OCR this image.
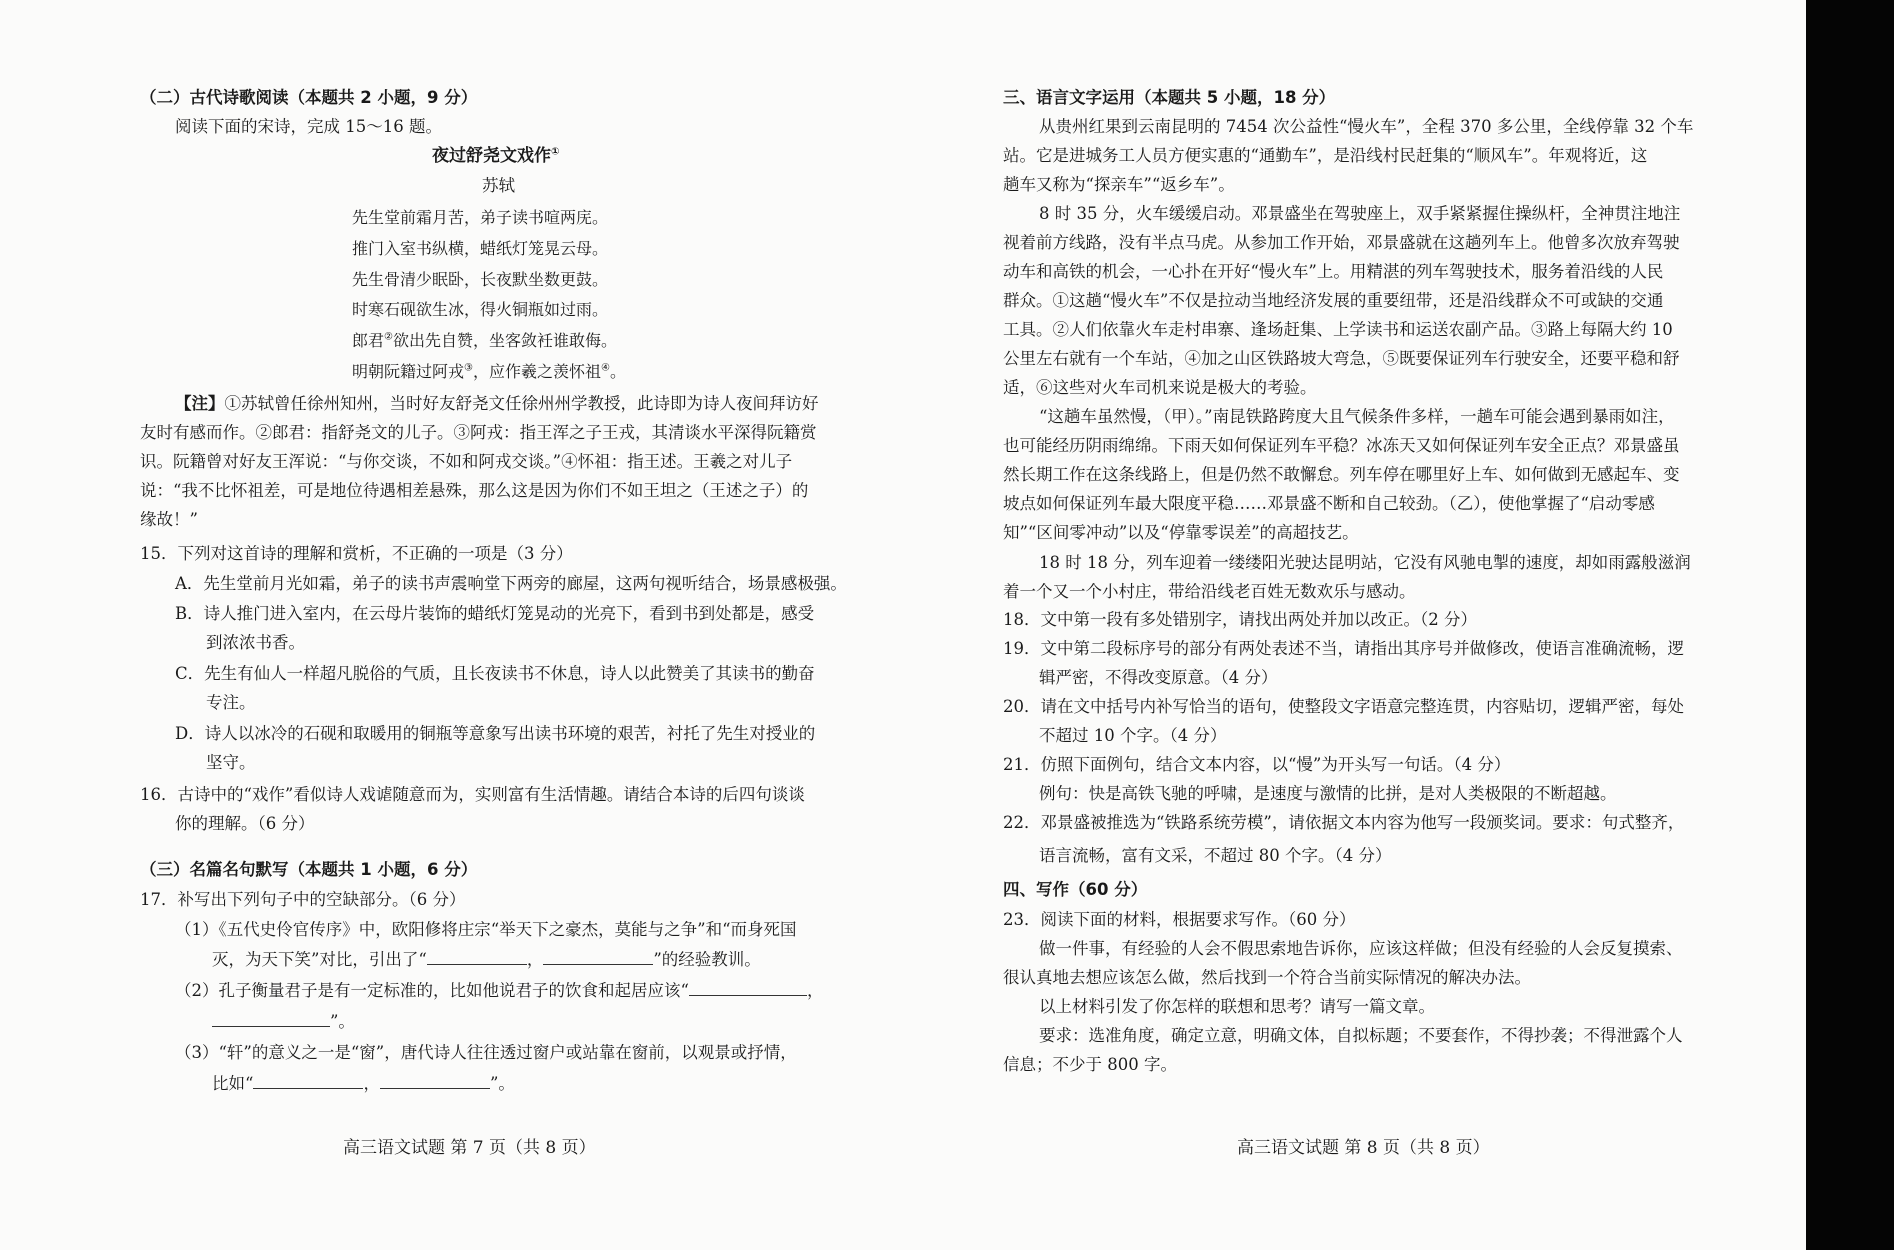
（二）古代诗歌阅读（本题共 2 小题，9 分）
阅读下面的宋诗，完成 15～16 题。
夜过舒尧文戏作①
苏轼
先生堂前霜月苦，弟子读书喧两庑。
推门入室书纵横，蜡纸灯笼晃云母。
先生骨清少眠卧，长夜默坐数更鼓。
时寒石砚欲生冰，得火铜瓶如过雨。
郎君②欲出先自赞，坐客敛衽谁敢侮。
明朝阮籍过阿戎③，应作羲之羡怀祖④。
【注】①苏轼曾任徐州知州，当时好友舒尧文任徐州州学教授，此诗即为诗人夜间拜访好
友时有感而作。②郎君：指舒尧文的儿子。③阿戎：指王浑之子王戎，其清谈水平深得阮籍赏
识。阮籍曾对好友王浑说：“与你交谈，不如和阿戎交谈。”④怀祖：指王述。王羲之对儿子
说：“我不比怀祖差，可是地位待遇相差悬殊，那么这是因为你们不如王坦之（王述之子）的
缘故！”
15．下列对这首诗的理解和赏析，不正确的一项是（3 分）
A．先生堂前月光如霜，弟子的读书声震响堂下两旁的廊屋，这两句视听结合，场景感极强。
B．诗人推门进入室内，在云母片装饰的蜡纸灯笼晃动的光亮下，看到书到处都是，感受
到浓浓书香。
C．先生有仙人一样超凡脱俗的气质，且长夜读书不休息，诗人以此赞美了其读书的勤奋
专注。
D．诗人以冰冷的石砚和取暖用的铜瓶等意象写出读书环境的艰苦，衬托了先生对授业的
坚守。
16．古诗中的“戏作”看似诗人戏谑随意而为，实则富有生活情趣。请结合本诗的后四句谈谈
你的理解。（6 分）
（三）名篇名句默写（本题共 1 小题，6 分）
17．补写出下列句子中的空缺部分。（6 分）
（1）《五代史伶官传序》中，欧阳修将庄宗“举天下之豪杰，莫能与之争”和“而身死国
灭，为天下笑”对比，引出了“	，	”的经验教训。
（2）孔子衡量君子是有一定标准的，比如他说君子的饮食和起居应该“	，
”。
（3）“轩”的意义之一是“窗”，唐代诗人往往透过窗户或站靠在窗前，以观景或抒情，
比如“	，	”。
高三语文试题 第 7 页（共 8 页）
三、语言文字运用（本题共 5 小题，18 分）
从贵州红果到云南昆明的 7454 次公益性“慢火车”，全程 370 多公里，全线停靠 32 个车
站。它是进城务工人员方便实惠的“通勤车”，是沿线村民赶集的“顺风车”。年观将近，这
趟车又称为“探亲车”“返乡车”。
8 时 35 分，火车缓缓启动。邓景盛坐在驾驶座上，双手紧紧握住操纵杆，全神贯注地注
视着前方线路，没有半点马虎。从参加工作开始，邓景盛就在这趟列车上。他曾多次放弃驾驶
动车和高铁的机会，一心扑在开好“慢火车”上。用精湛的列车驾驶技术，服务着沿线的人民
群众。①这趟“慢火车”不仅是拉动当地经济发展的重要纽带，还是沿线群众不可或缺的交通
工具。②人们依靠火车走村串寨、逢场赶集、上学读书和运送农副产品。③路上每隔大约 10
公里左右就有一个车站，④加之山区铁路坡大弯急，⑤既要保证列车行驶安全，还要平稳和舒
适，⑥这些对火车司机来说是极大的考验。
“这趟车虽然慢，（甲）。”南昆铁路跨度大且气候条件多样，一趟车可能会遇到暴雨如注，
也可能经历阴雨绵绵。下雨天如何保证列车平稳？冰冻天又如何保证列车安全正点？邓景盛虽
然长期工作在这条线路上，但是仍然不敢懈怠。列车停在哪里好上车、如何做到无感起车、变
坡点如何保证列车最大限度平稳……邓景盛不断和自己较劲。（乙），使他掌握了“启动零感
知”“区间零冲动”以及“停靠零误差”的高超技艺。
18 时 18 分，列车迎着一缕缕阳光驶达昆明站，它没有风驰电掣的速度，却如雨露般滋润
着一个又一个小村庄，带给沿线老百姓无数欢乐与感动。
18．文中第一段有多处错别字，请找出两处并加以改正。（2 分）
19．文中第二段标序号的部分有两处表述不当，请指出其序号并做修改，使语言准确流畅，逻
辑严密，不得改变原意。（4 分）
20．请在文中括号内补写恰当的语句，使整段文字语意完整连贯，内容贴切，逻辑严密，每处
不超过 10 个字。（4 分）
21．仿照下面例句，结合文本内容，以“慢”为开头写一句话。（4 分）
例句：快是高铁飞驰的呼啸，是速度与激情的比拼，是对人类极限的不断超越。
22．邓景盛被推选为“铁路系统劳模”，请依据文本内容为他写一段颁奖词。要求：句式整齐，
语言流畅，富有文采，不超过 80 个字。（4 分）
四、写作（60 分）
23．阅读下面的材料，根据要求写作。（60 分）
做一件事，有经验的人会不假思索地告诉你，应该这样做；但没有经验的人会反复摸索、
很认真地去想应该怎么做，然后找到一个符合当前实际情况的解决办法。
以上材料引发了你怎样的联想和思考？请写一篇文章。
要求：选准角度，确定立意，明确文体，自拟标题；不要套作，不得抄袭；不得泄露个人
信息；不少于 800 字。
高三语文试题 第 8 页（共 8 页）
